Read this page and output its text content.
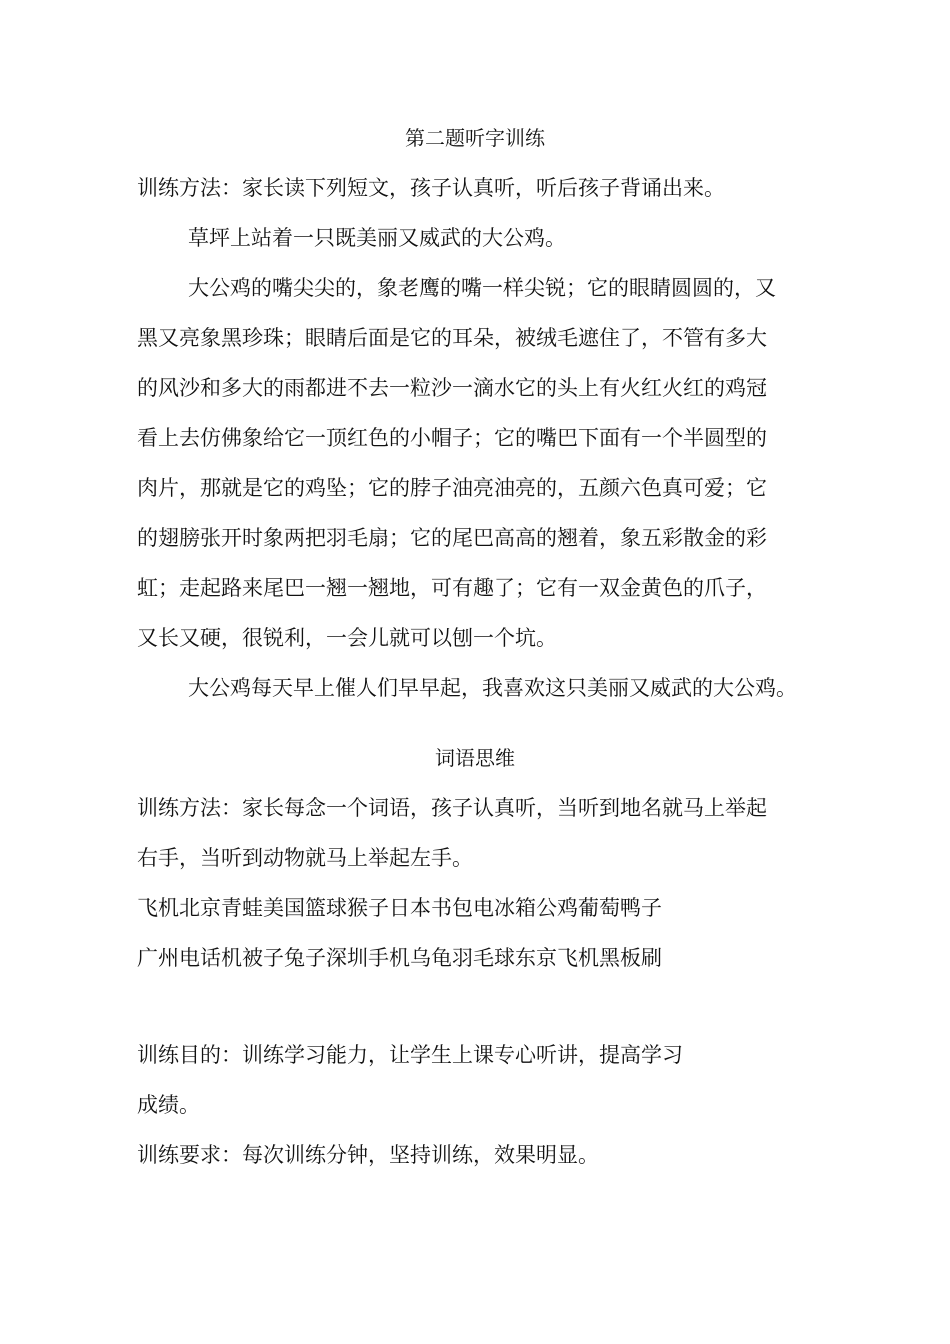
第二题听字训练
训练方法：家长读下列短文，孩子认真听，听后孩子背诵出来。
草坪上站着一只既美丽又威武的大公鸡。
大公鸡的嘴尖尖的，象老鹰的嘴一样尖锐；它的眼睛圆圆的，又
黑又亮象黑珍珠；眼睛后面是它的耳朵，被绒毛遮住了，不管有多大
的风沙和多大的雨都进不去一粒沙一滴水它的头上有火红火红的鸡冠
看上去仿佛象给它一顶红色的小帽子；它的嘴巴下面有一个半圆型的
肉片，那就是它的鸡坠；它的脖子油亮油亮的，五颜六色真可爱；它
的翅膀张开时象两把羽毛扇；它的尾巴高高的翘着，象五彩散金的彩
虹；走起路来尾巴一翘一翘地，可有趣了；它有一双金黄色的爪子，
又长又硬，很锐利，一会儿就可以刨一个坑。
大公鸡每天早上催人们早早起，我喜欢这只美丽又威武的大公鸡。
词语思维
训练方法：家长每念一个词语，孩子认真听，当听到地名就马上举起
右手，当听到动物就马上举起左手。
飞机北京青蛙美国篮球猴子日本书包电冰箱公鸡葡萄鸭子
广州电话机被子兔子深圳手机乌龟羽毛球东京飞机黑板刷
训练目的：训练学习能力，让学生上课专心听讲，提高学习
成绩。
训练要求：每次训练分钟，坚持训练，效果明显。
